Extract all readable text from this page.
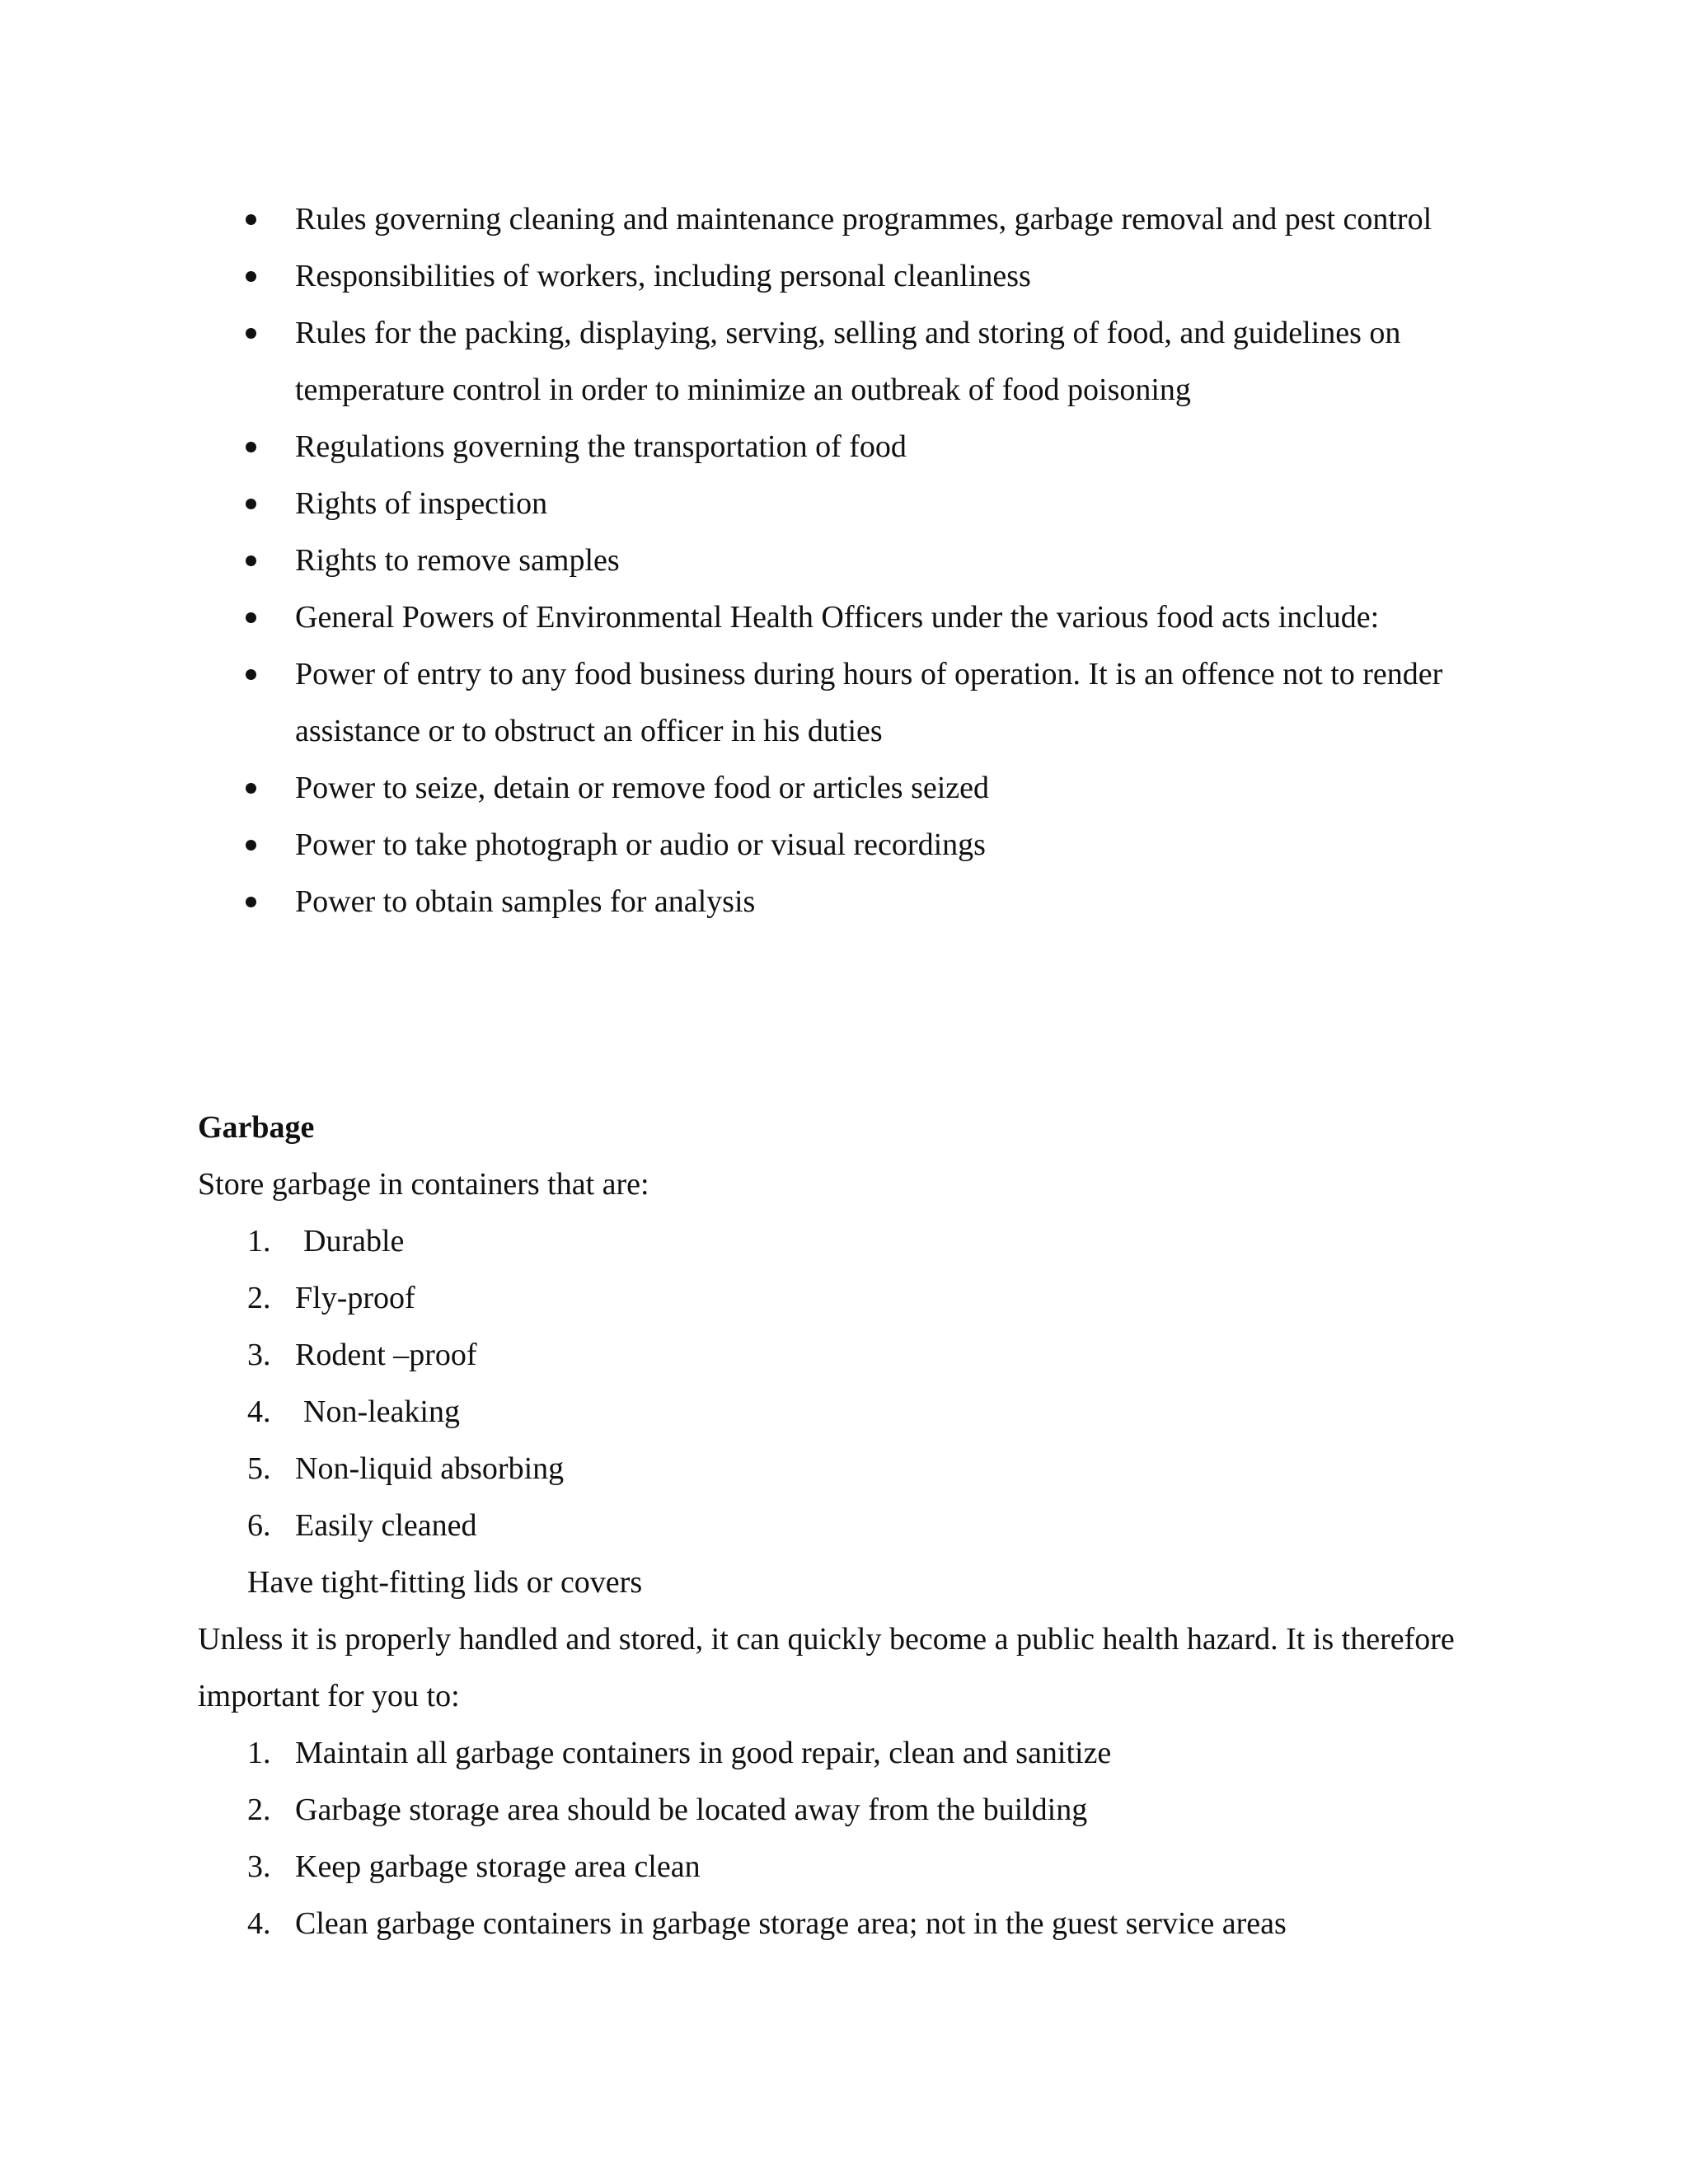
Rules governing cleaning and maintenance programmes, garbage removal and pest control
Responsibilities of workers, including personal cleanliness
Rules for the packing, displaying, serving, selling and storing of food, and guidelines on temperature control in order to minimize an outbreak of food poisoning
Regulations governing the transportation of food
Rights of inspection
Rights to remove samples
General Powers of Environmental Health Officers under the various food acts include:
Power of entry to any food business during hours of operation. It is an offence not to render assistance or to obstruct an officer in his duties
Power to seize, detain or remove food or articles seized
Power to take photograph or audio or visual recordings
Power to obtain samples for analysis
Garbage

Store garbage in containers that are:

1. Durable
2. Fly-proof
3. Rodent –proof
4. Non-leaking
5. Non-liquid absorbing
6. Easily cleaned

Have tight-fitting lids or covers

Unless it is properly handled and stored, it can quickly become a public health hazard. It is therefore important for you to:

1. Maintain all garbage containers in good repair, clean and sanitize
2. Garbage storage area should be located away from the building
3. Keep garbage storage area clean
4. Clean garbage containers in garbage storage area; not in the guest service areas
